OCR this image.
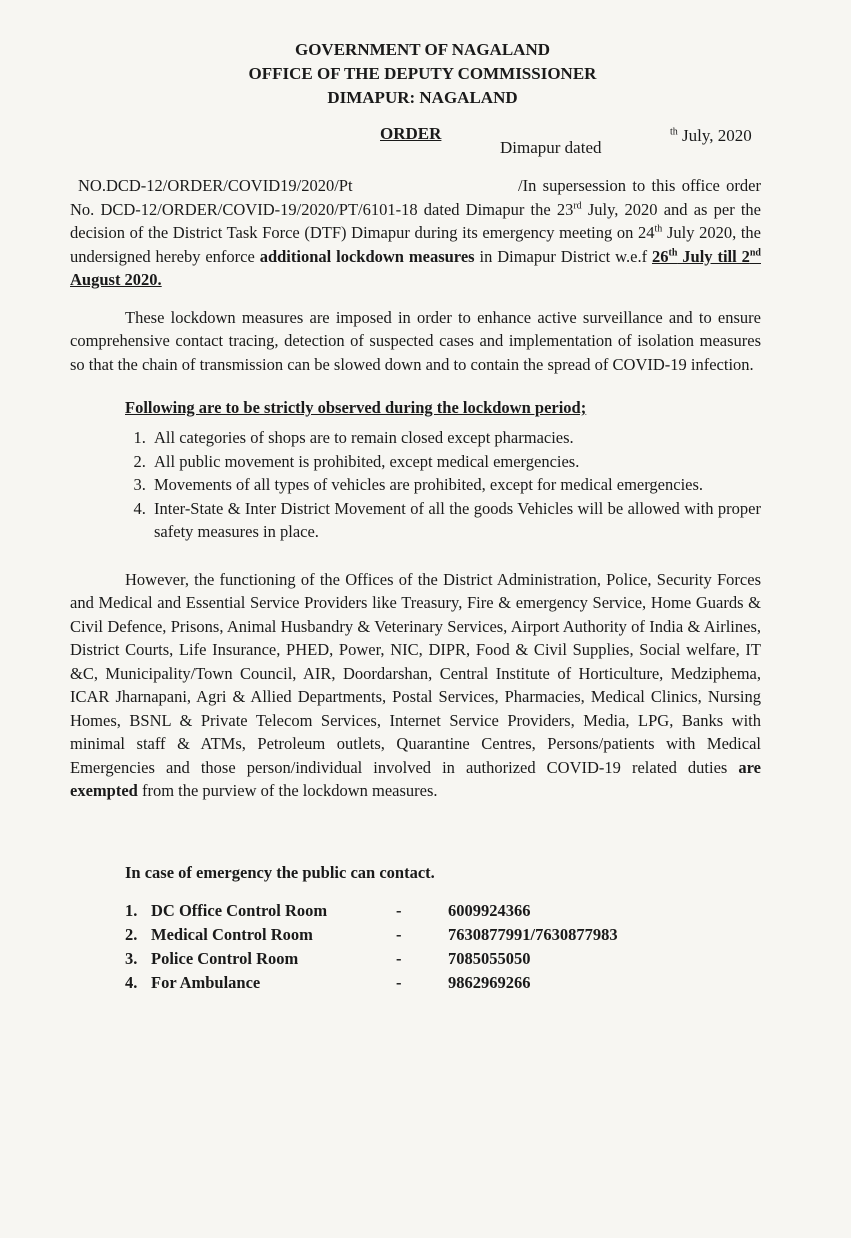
GOVERNMENT OF NAGALAND
OFFICE OF THE DEPUTY COMMISSIONER
DIMAPUR: NAGALAND
ORDER
Dimapur dated
$^{th}$ July, 2020

NO.DCD-12/ORDER/COVID19/2020/Pt	/In supersession to this office order No. DCD-12/ORDER/COVID-19/2020/PT/6101-18 dated Dimapur the 23rd July, 2020 and as per the decision of the District Task Force (DTF) Dimapur during its emergency meeting on 24th July 2020, the undersigned hereby enforce additional lockdown measures in Dimapur District w.e.f 26th July till 2nd August 2020.

These lockdown measures are imposed in order to enhance active surveillance and to ensure comprehensive contact tracing, detection of suspected cases and implementation of isolation measures so that the chain of transmission can be slowed down and to contain the spread of COVID-19 infection.

Following are to be strictly observed during the lockdown period;
1. All categories of shops are to remain closed except pharmacies.
2. All public movement is prohibited, except medical emergencies.
3. Movements of all types of vehicles are prohibited, except for medical emergencies.
4. Inter-State & Inter District Movement of all the goods Vehicles will be allowed with proper safety measures in place.

However, the functioning of the Offices of the District Administration, Police, Security Forces and Medical and Essential Service Providers like Treasury, Fire & emergency Service, Home Guards & Civil Defence, Prisons, Animal Husbandry & Veterinary Services, Airport Authority of India & Airlines, District Courts, Life Insurance, PHED, Power, NIC, DIPR, Food & Civil Supplies, Social welfare, IT &C, Municipality/Town Council, AIR, Doordarshan, Central Institute of Horticulture, Medziphema, ICAR Jharnapani, Agri & Allied Departments, Postal Services, Pharmacies, Medical Clinics, Nursing Homes, BSNL & Private Telecom Services, Internet Service Providers, Media, LPG, Banks with minimal staff & ATMs, Petroleum outlets, Quarantine Centres, Persons/patients with Medical Emergencies and those person/individual involved in authorized COVID-19 related duties are exempted from the purview of the lockdown measures.

In case of emergency the public can contact.
1.	DC Office Control Room	-	6009924366
2.	Medical Control Room	-	7630877991/7630877983
3.	Police Control Room	-	7085055050
4.	For Ambulance	-	9862969266
